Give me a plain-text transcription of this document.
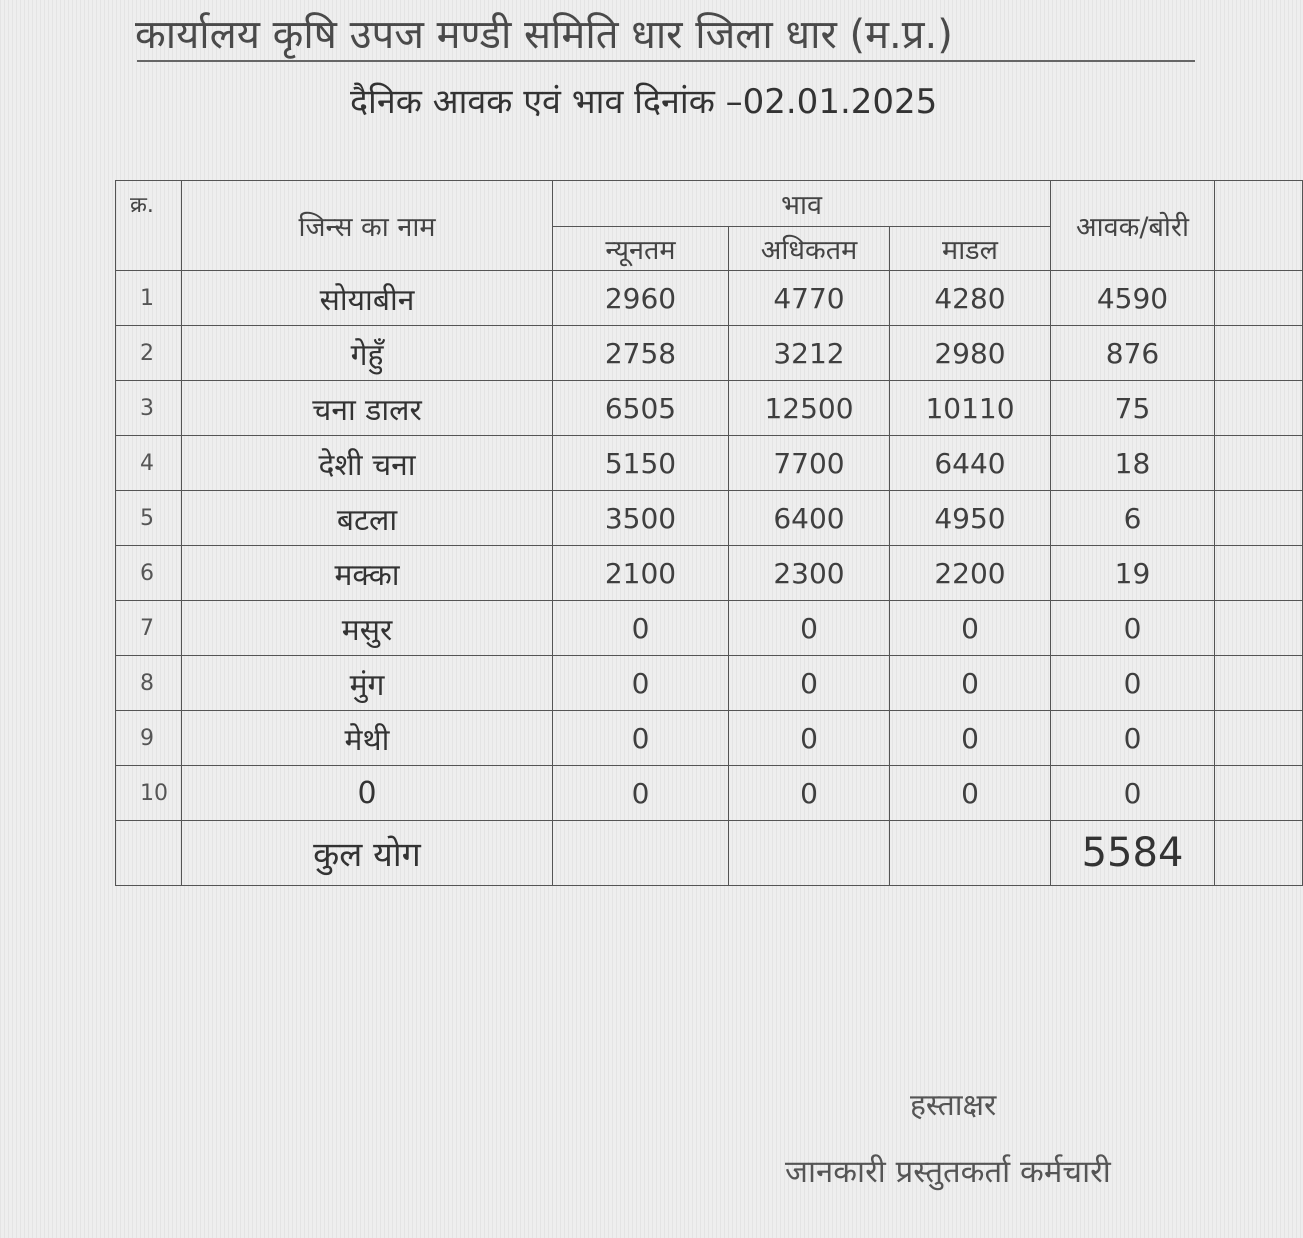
कार्यालय कृषि उपज मण्डी समिति धार जिला धार (म.प्र.)
दैनिक आवक एवं भाव दिनांक –02.01.2025
क्र.	जिन्स का नाम	भाव			आवक/बोरी	
		न्यूनतम	अधिकतम	माडल		
1	सोयाबीन	2960	4770	4280	4590	
2	गेहुँ	2758	3212	2980	876	
3	चना डालर	6505	12500	10110	75	
4	देशी चना	5150	7700	6440	18	
5	बटला	3500	6400	4950	6	
6	मक्का	2100	2300	2200	19	
7	मसुर	0	0	0	0	
8	मुंग	0	0	0	0	
9	मेथी	0	0	0	0	
10	0	0	0	0	0	
	कुल योग				5584	
हस्ताक्षर
जानकारी प्रस्तुतकर्ता कर्मचारी
